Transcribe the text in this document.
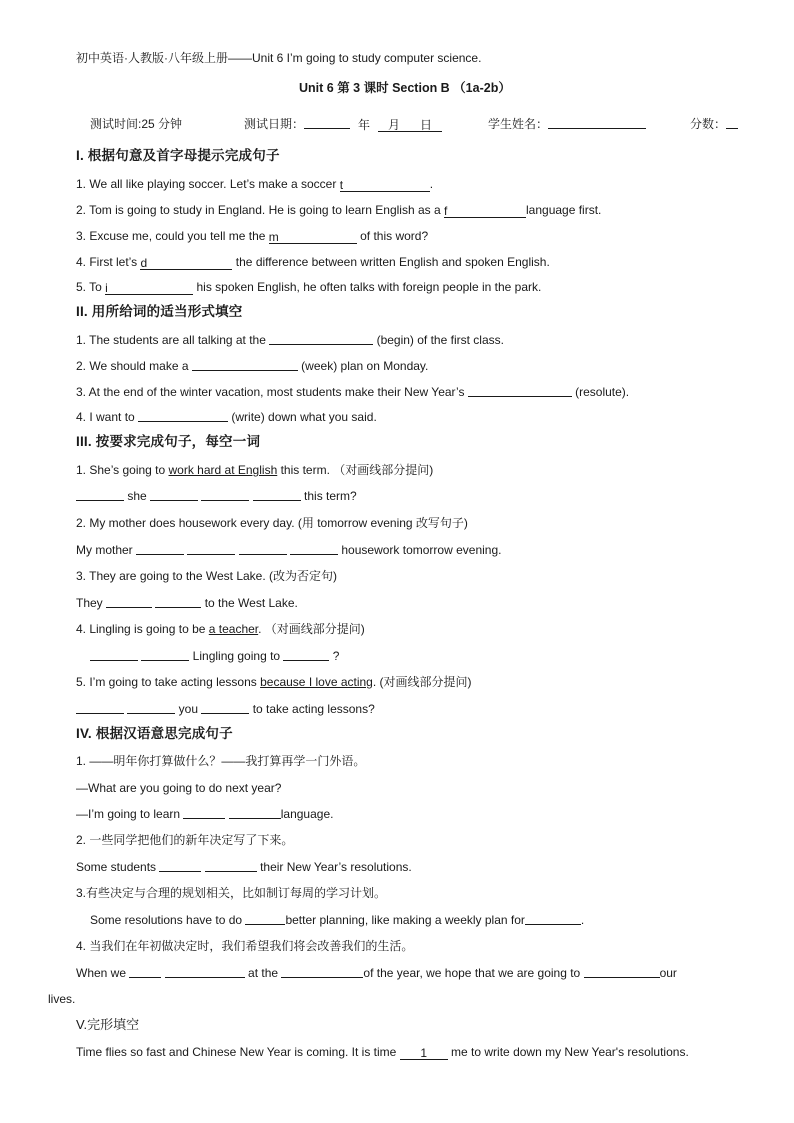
初中英语·人教版·八年级上册——Unit 6 I’m going to study computer science.
Unit 6 第 3 课时 Section B （1a-2b）
测试时间:25 分钟	测试日期：	年 月 日	学生姓名：	分数：
I. 根据句意及首字母提示完成句子
1. We all like playing soccer. Let’s make a soccer t	.
2. Tom is going to study in England. He is going to learn English as a f	language first.
3. Excuse me, could you tell me the m	of this word?
4. First let’s d	the difference between written English and spoken English.
5. To i	his spoken English, he often talks with foreign people in the park.
II. 用所给词的适当形式填空
1. The students are all talking at the	(begin) of the first class.
2. We should make a	(week) plan on Monday.
3. At the end of the winter vacation, most students make their New Year’s	(resolute).
4. I want to	(write) down what you said.
III. 按要求完成句子，每空一词
1. She’s going to work hard at English this term. （对画线部分提问)
she	this term?
2. My mother does housework every day. (用 tomorrow evening 改写句子)
My mother	housework tomorrow evening.
3. They are going to the West Lake. (改为否定句)
They	to the West Lake.
4. Lingling is going to be a teacher. （对画线部分提问)
Lingling going to	?
5. I’m going to take acting lessons because I love acting. (对画线部分提问)
you	to take acting lessons?
IV. 根据汉语意思完成句子
1. ——明年你打算做什么？——我打算再学一门外语。
—What are you going to do next year?
—I’m going to learn	language.
2. 一些同学把他们的新年决定写了下来。
Some students	their New Year’s resolutions.
3.有些决定与合理的规划相关，比如制订每周的学习计划。
Some resolutions have to do	better planning, like making a weekly plan for	.
4. 当我们在年初做决定时，我们希望我们将会改善我们的生活。
When we	at the	of the year, we hope that we are going to	our
lives.
V.完形填空
Time flies so fast and Chinese New Year is coming. It is time 1 me to write down my New Year's resolutions.
